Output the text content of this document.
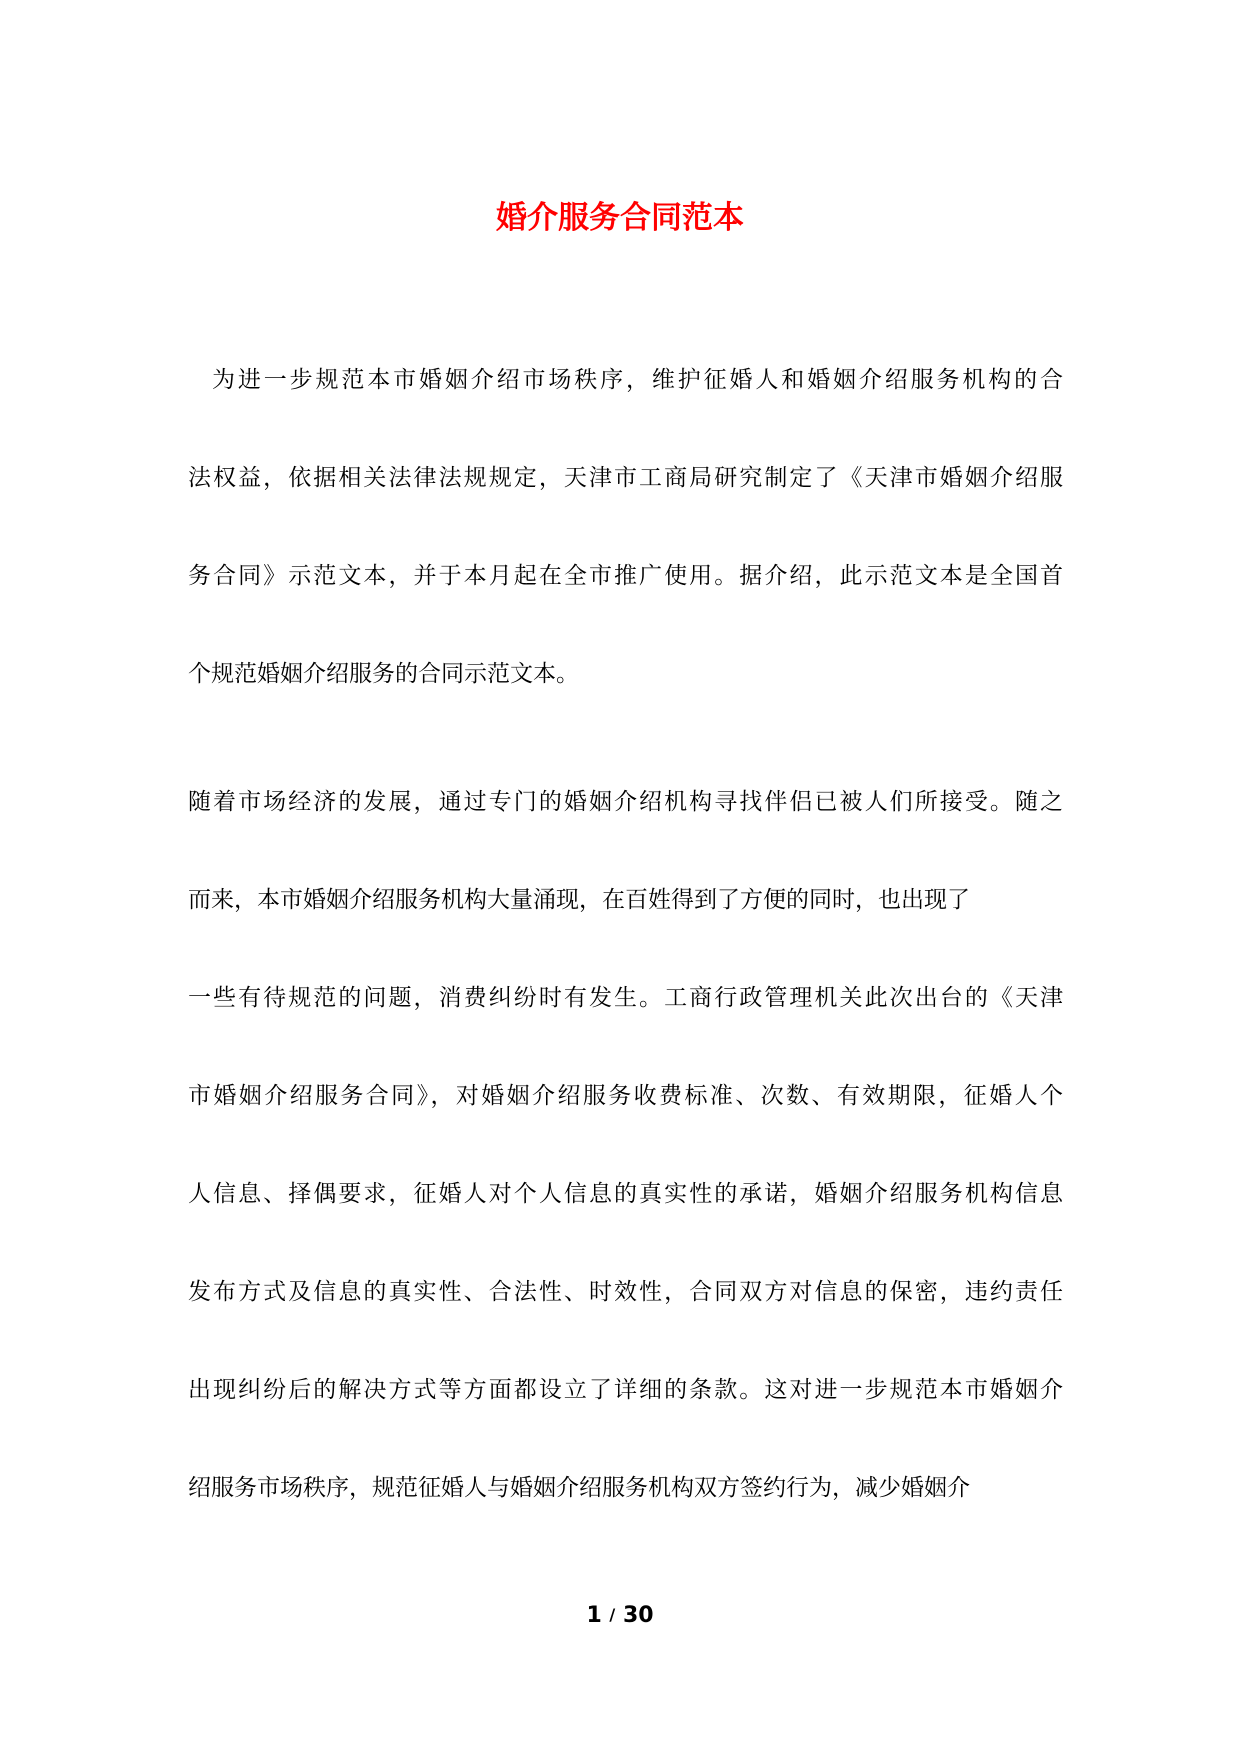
婚介服务合同范本

为进一步规范本市婚姻介绍市场秩序，维护征婚人和婚姻介绍服务机构的合

法权益，依据相关法律法规规定，天津市工商局研究制定了《天津市婚姻介绍服

务合同》示范文本，并于本月起在全市推广使用。据介绍，此示范文本是全国首

个规范婚姻介绍服务的合同示范文本。

随着市场经济的发展，通过专门的婚姻介绍机构寻找伴侣已被人们所接受。随之

而来，本市婚姻介绍服务机构大量涌现，在百姓得到了方便的同时，也出现了

一些有待规范的问题，消费纠纷时有发生。工商行政管理机关此次出台的《天津

市婚姻介绍服务合同》，对婚姻介绍服务收费标准、次数、有效期限，征婚人个

人信息、择偶要求，征婚人对个人信息的真实性的承诺，婚姻介绍服务机构信息

发布方式及信息的真实性、合法性、时效性，合同双方对信息的保密，违约责任

出现纠纷后的解决方式等方面都设立了详细的条款。这对进一步规范本市婚姻介

绍服务市场秩序，规范征婚人与婚姻介绍服务机构双方签约行为，减少婚姻介

1 / 30
